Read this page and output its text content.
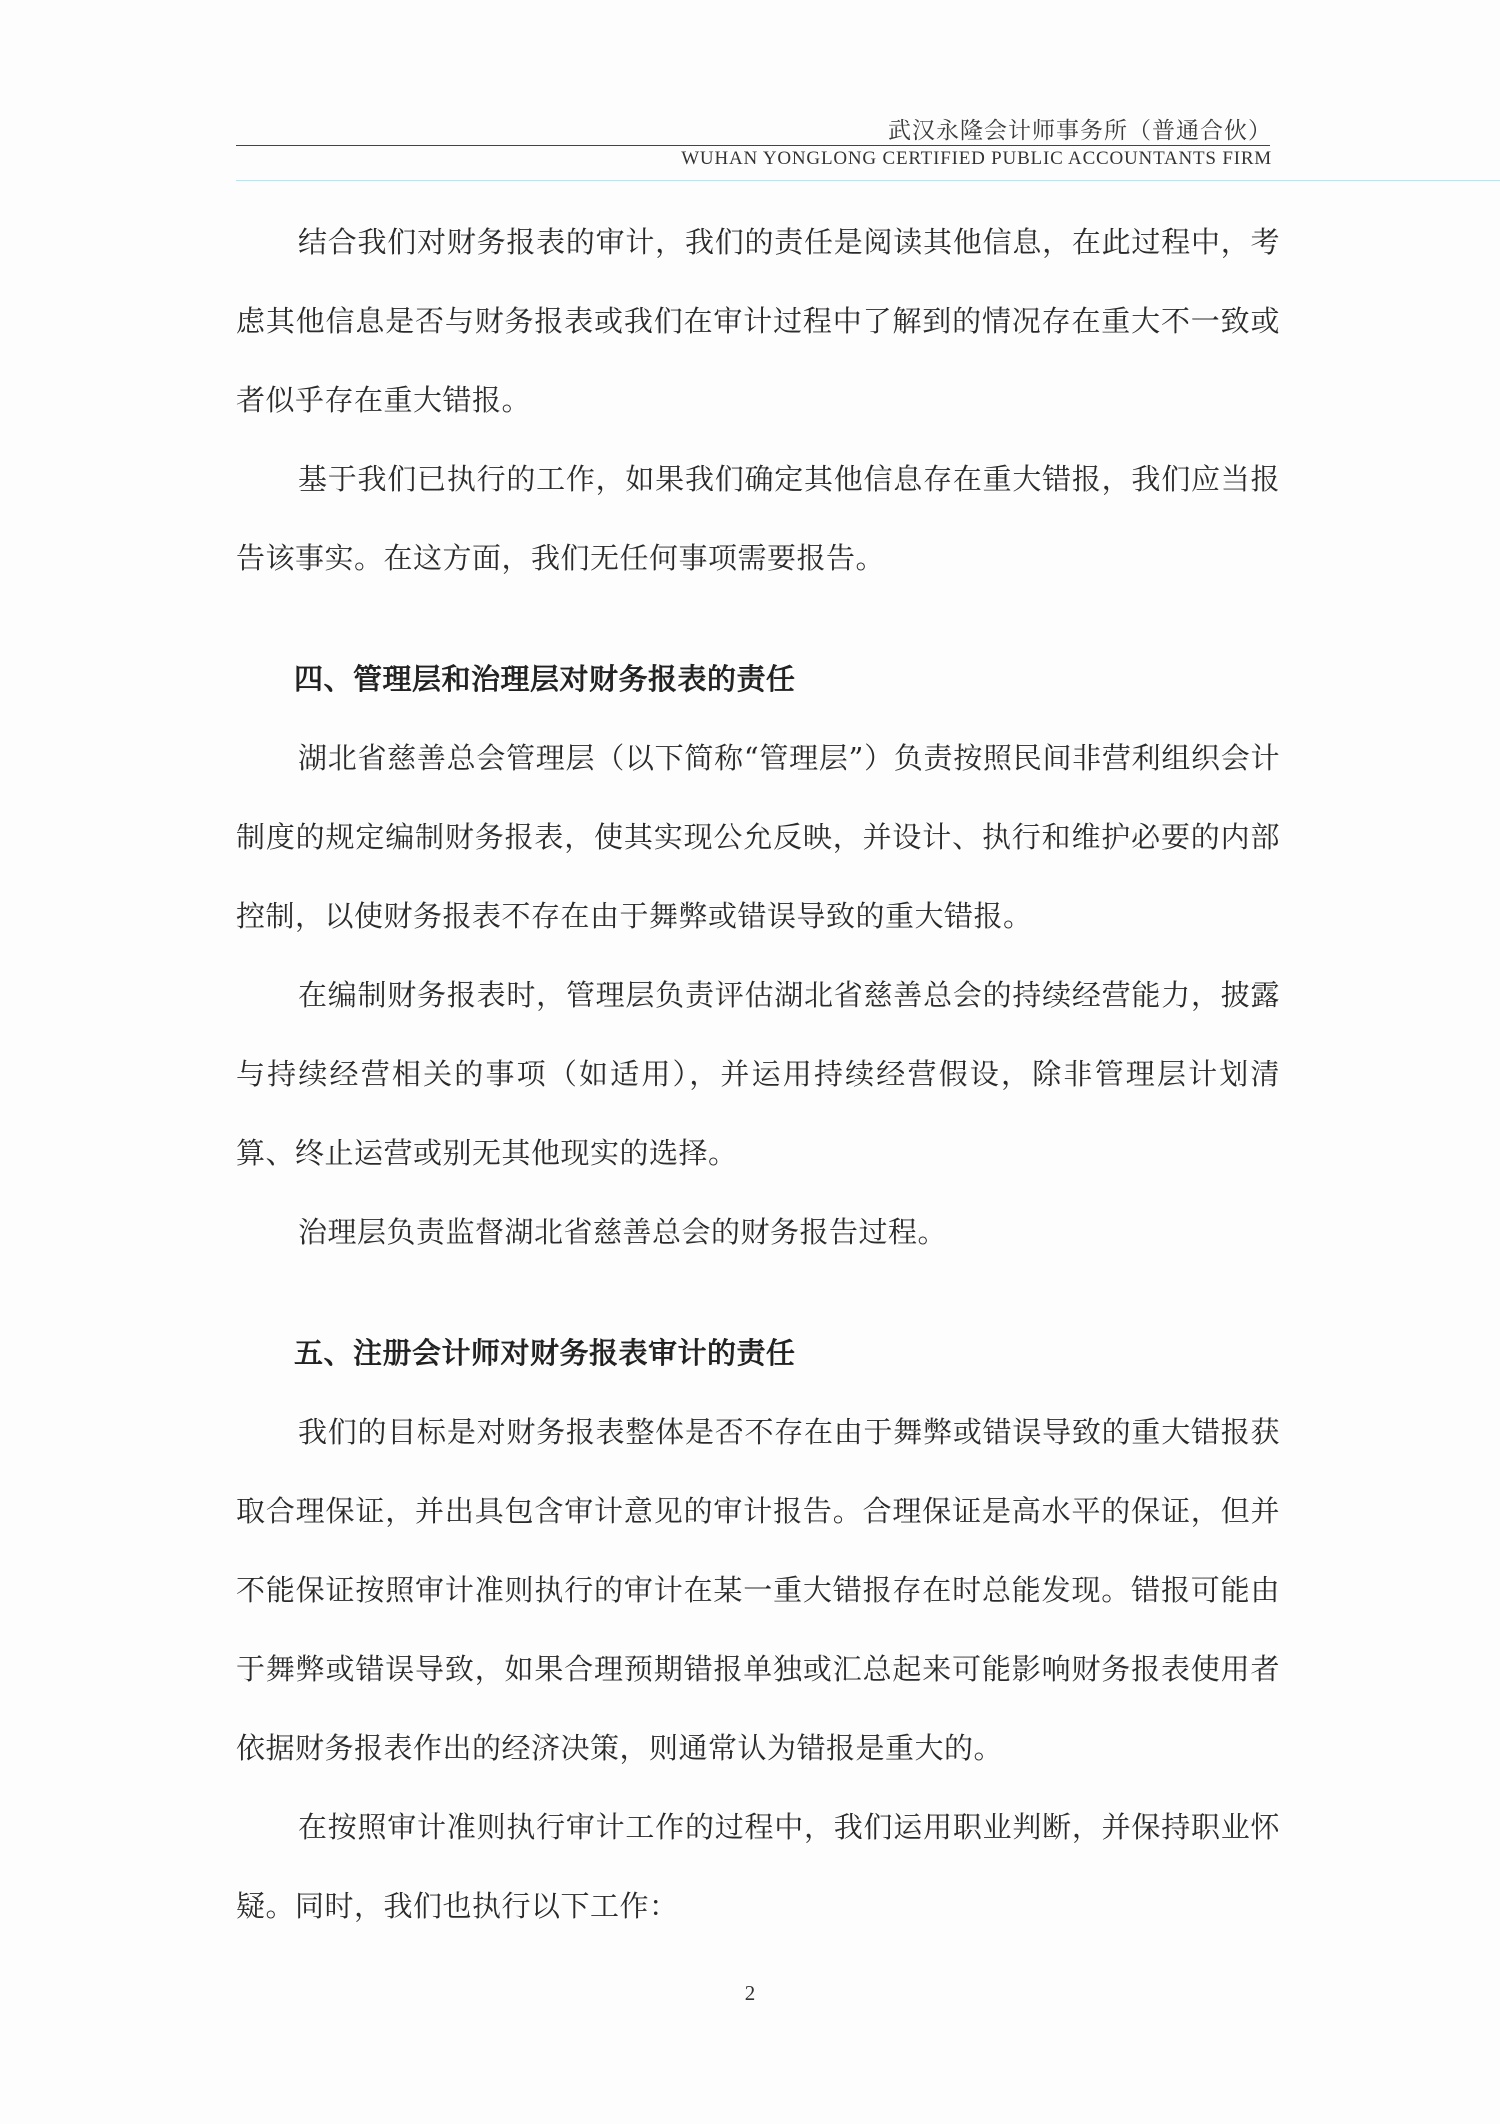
武汉永隆会计师事务所（普通合伙）
WUHAN YONGLONG CERTIFIED PUBLIC ACCOUNTANTS FIRM

结合我们对财务报表的审计，我们的责任是阅读其他信息，在此过程中，考虑其他信息是否与财务报表或我们在审计过程中了解到的情况存在重大不一致或者似乎存在重大错报。

基于我们已执行的工作，如果我们确定其他信息存在重大错报，我们应当报告该事实。在这方面，我们无任何事项需要报告。

四、管理层和治理层对财务报表的责任

湖北省慈善总会管理层（以下简称“管理层”）负责按照民间非营利组织会计制度的规定编制财务报表，使其实现公允反映，并设计、执行和维护必要的内部控制，以使财务报表不存在由于舞弊或错误导致的重大错报。

在编制财务报表时，管理层负责评估湖北省慈善总会的持续经营能力，披露与持续经营相关的事项（如适用），并运用持续经营假设，除非管理层计划清算、终止运营或别无其他现实的选择。

治理层负责监督湖北省慈善总会的财务报告过程。

五、注册会计师对财务报表审计的责任

我们的目标是对财务报表整体是否不存在由于舞弊或错误导致的重大错报获取合理保证，并出具包含审计意见的审计报告。合理保证是高水平的保证，但并不能保证按照审计准则执行的审计在某一重大错报存在时总能发现。错报可能由于舞弊或错误导致，如果合理预期错报单独或汇总起来可能影响财务报表使用者依据财务报表作出的经济决策，则通常认为错报是重大的。

在按照审计准则执行审计工作的过程中，我们运用职业判断，并保持职业怀疑。同时，我们也执行以下工作：

2
